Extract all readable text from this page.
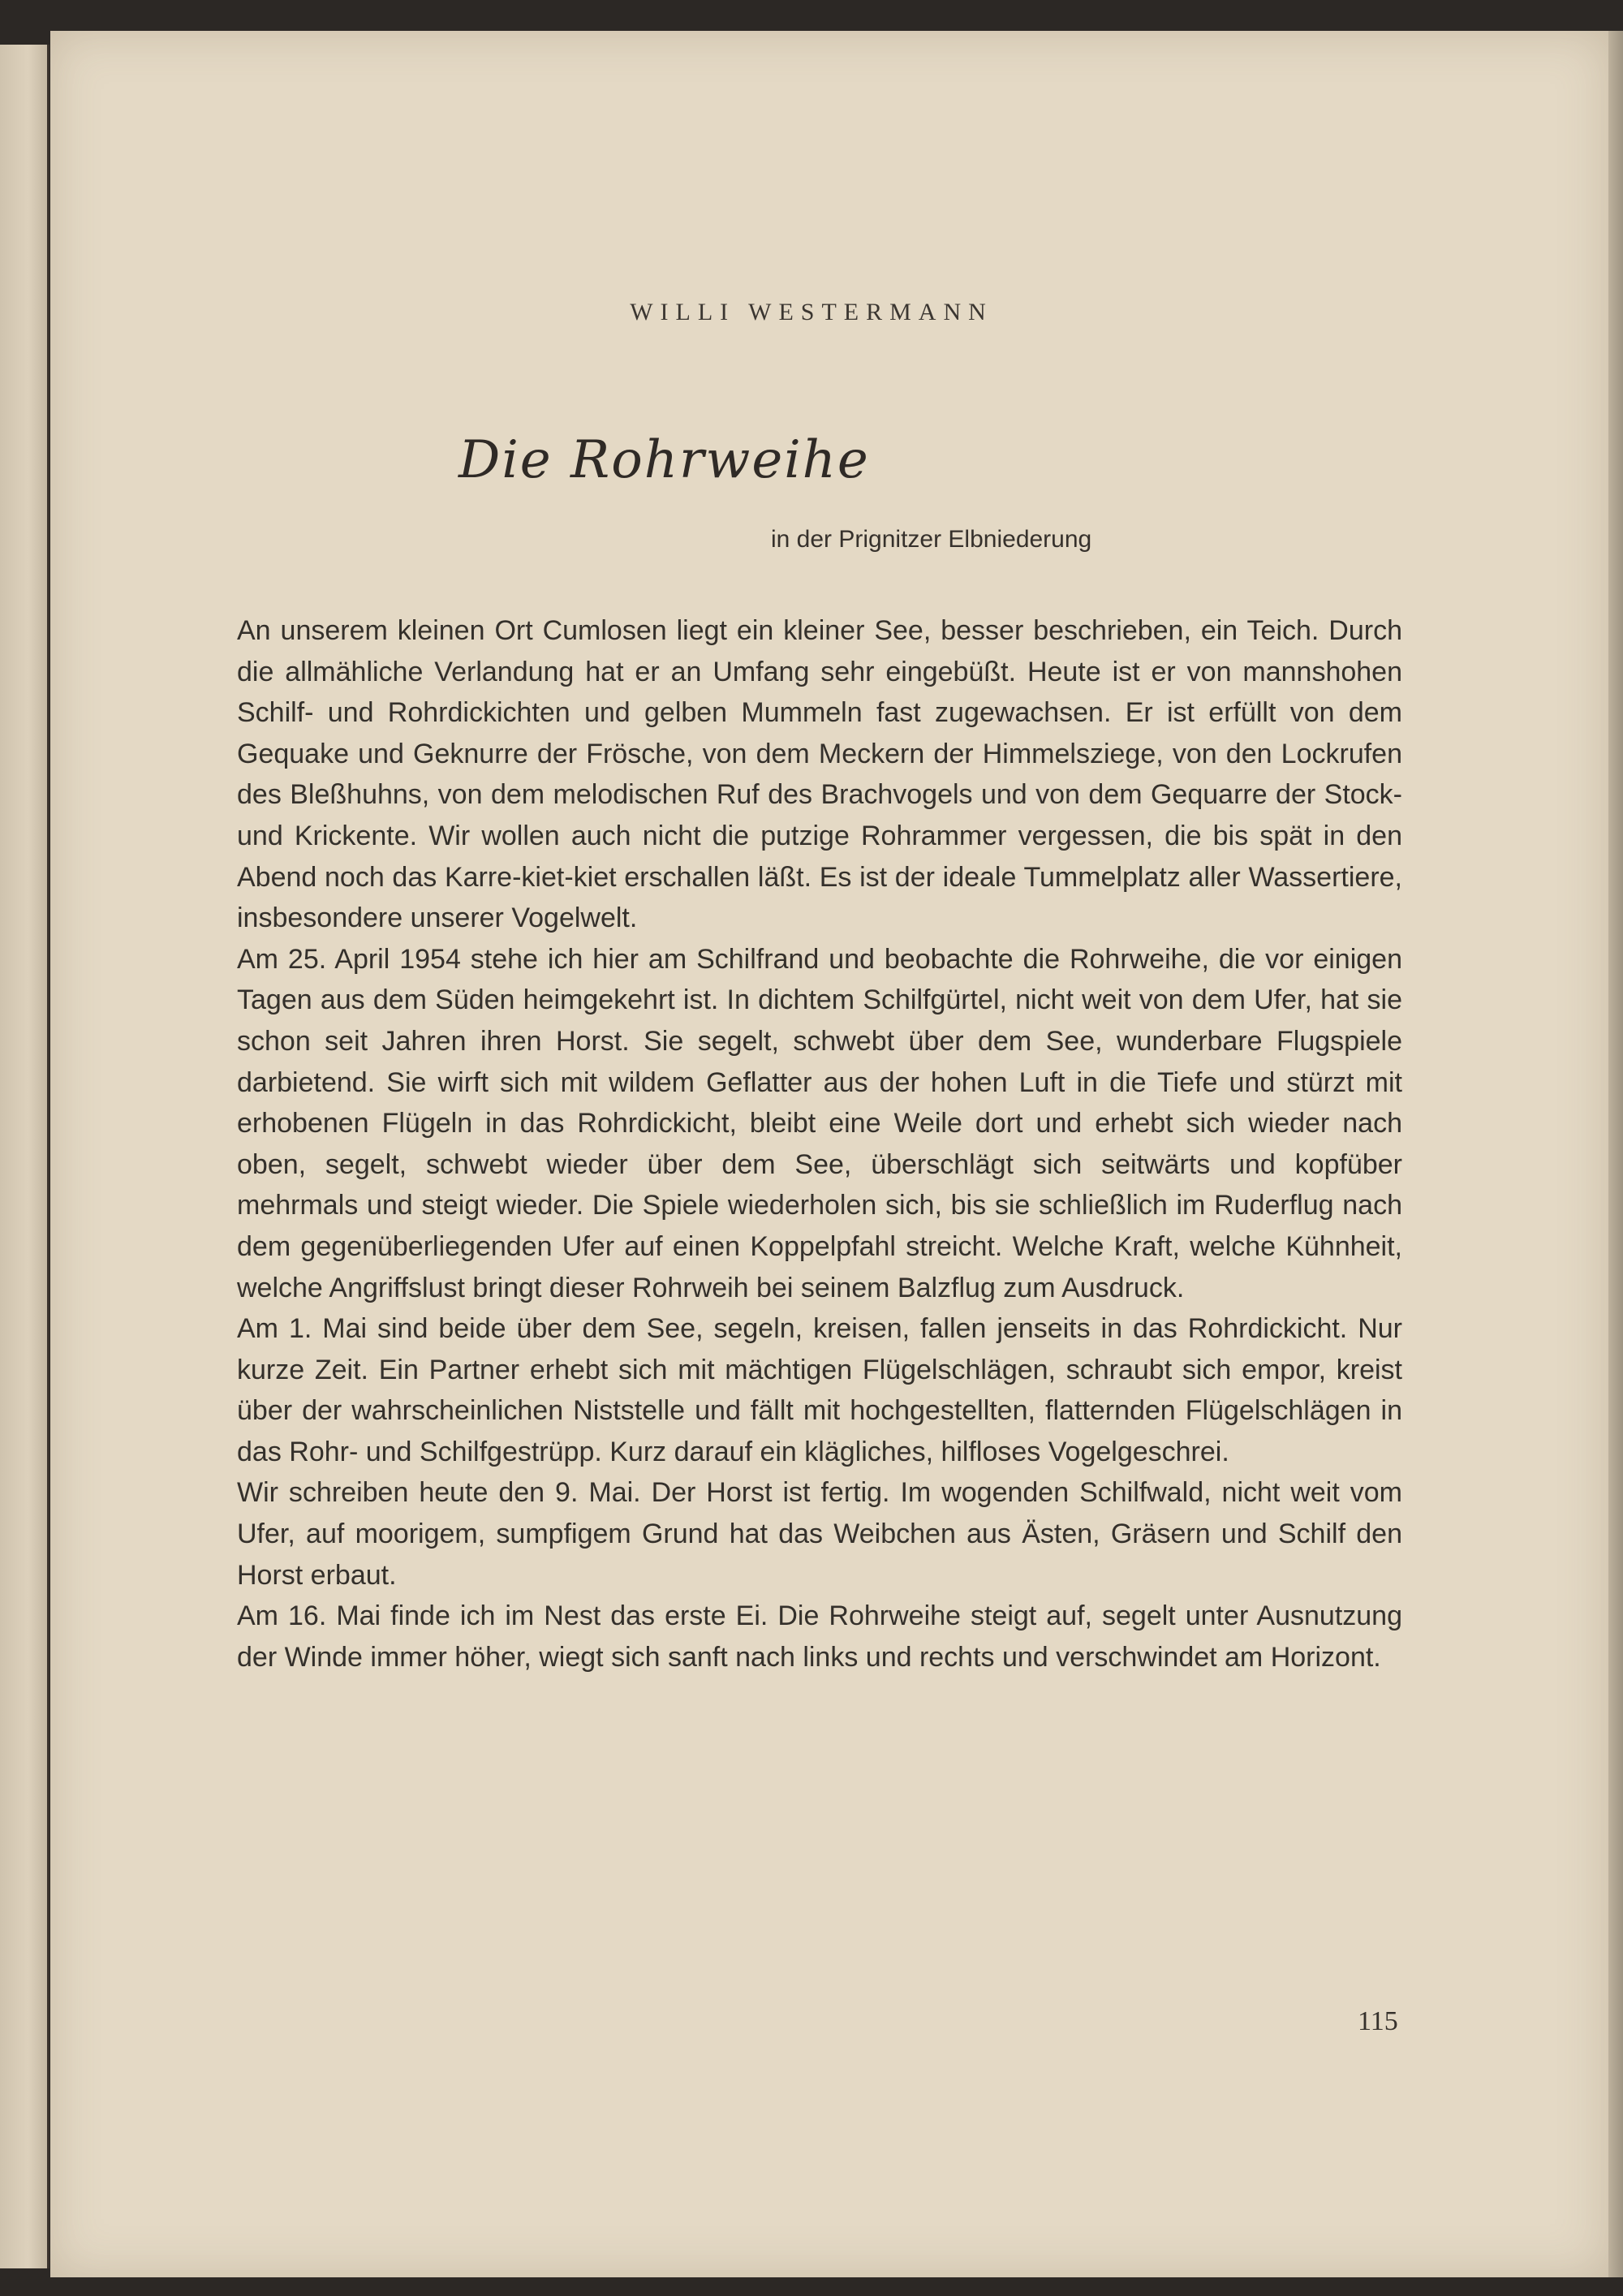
WILLI WESTERMANN
Die Rohrweihe
in der Prignitzer Elbniederung

An unserem kleinen Ort Cumlosen liegt ein kleiner See, besser beschrieben, ein Teich. Durch die allmähliche Verlandung hat er an Umfang sehr eingebüßt. Heute ist er von mannshohen Schilf- und Rohrdickichten und gelben Mummeln fast zugewachsen. Er ist erfüllt von dem Gequake und Geknurre der Frösche, von dem Meckern der Himmelsziege, von den Lockrufen des Bleßhuhns, von dem melodischen Ruf des Brachvogels und von dem Gequarre der Stock- und Krickente. Wir wollen auch nicht die putzige Rohrammer vergessen, die bis spät in den Abend noch das Karre-kiet-kiet erschallen läßt. Es ist der ideale Tummelplatz aller Wassertiere, insbesondere unserer Vogelwelt.

Am 25. April 1954 stehe ich hier am Schilfrand und beobachte die Rohrweihe, die vor einigen Tagen aus dem Süden heimgekehrt ist. In dichtem Schilfgürtel, nicht weit von dem Ufer, hat sie schon seit Jahren ihren Horst. Sie segelt, schwebt über dem See, wunderbare Flugspiele darbietend. Sie wirft sich mit wildem Geflatter aus der hohen Luft in die Tiefe und stürzt mit erhobenen Flügeln in das Rohrdickicht, bleibt eine Weile dort und erhebt sich wieder nach oben, segelt, schwebt wieder über dem See, überschlägt sich seitwärts und kopfüber mehrmals und steigt wieder. Die Spiele wiederholen sich, bis sie schließlich im Ruderflug nach dem gegenüberliegenden Ufer auf einen Koppelpfahl streicht. Welche Kraft, welche Kühnheit, welche Angriffslust bringt dieser Rohrweih bei seinem Balzflug zum Ausdruck.

Am 1. Mai sind beide über dem See, segeln, kreisen, fallen jenseits in das Rohrdickicht. Nur kurze Zeit. Ein Partner erhebt sich mit mächtigen Flügelschlägen, schraubt sich empor, kreist über der wahrscheinlichen Niststelle und fällt mit hochgestellten, flatternden Flügelschlägen in das Rohr- und Schilfgestrüpp. Kurz darauf ein klägliches, hilfloses Vogelgeschrei.

Wir schreiben heute den 9. Mai. Der Horst ist fertig. Im wogenden Schilfwald, nicht weit vom Ufer, auf moorigem, sumpfigem Grund hat das Weibchen aus Ästen, Gräsern und Schilf den Horst erbaut.

Am 16. Mai finde ich im Nest das erste Ei. Die Rohrweihe steigt auf, segelt unter Ausnutzung der Winde immer höher, wiegt sich sanft nach links und rechts und verschwindet am Horizont.

115
